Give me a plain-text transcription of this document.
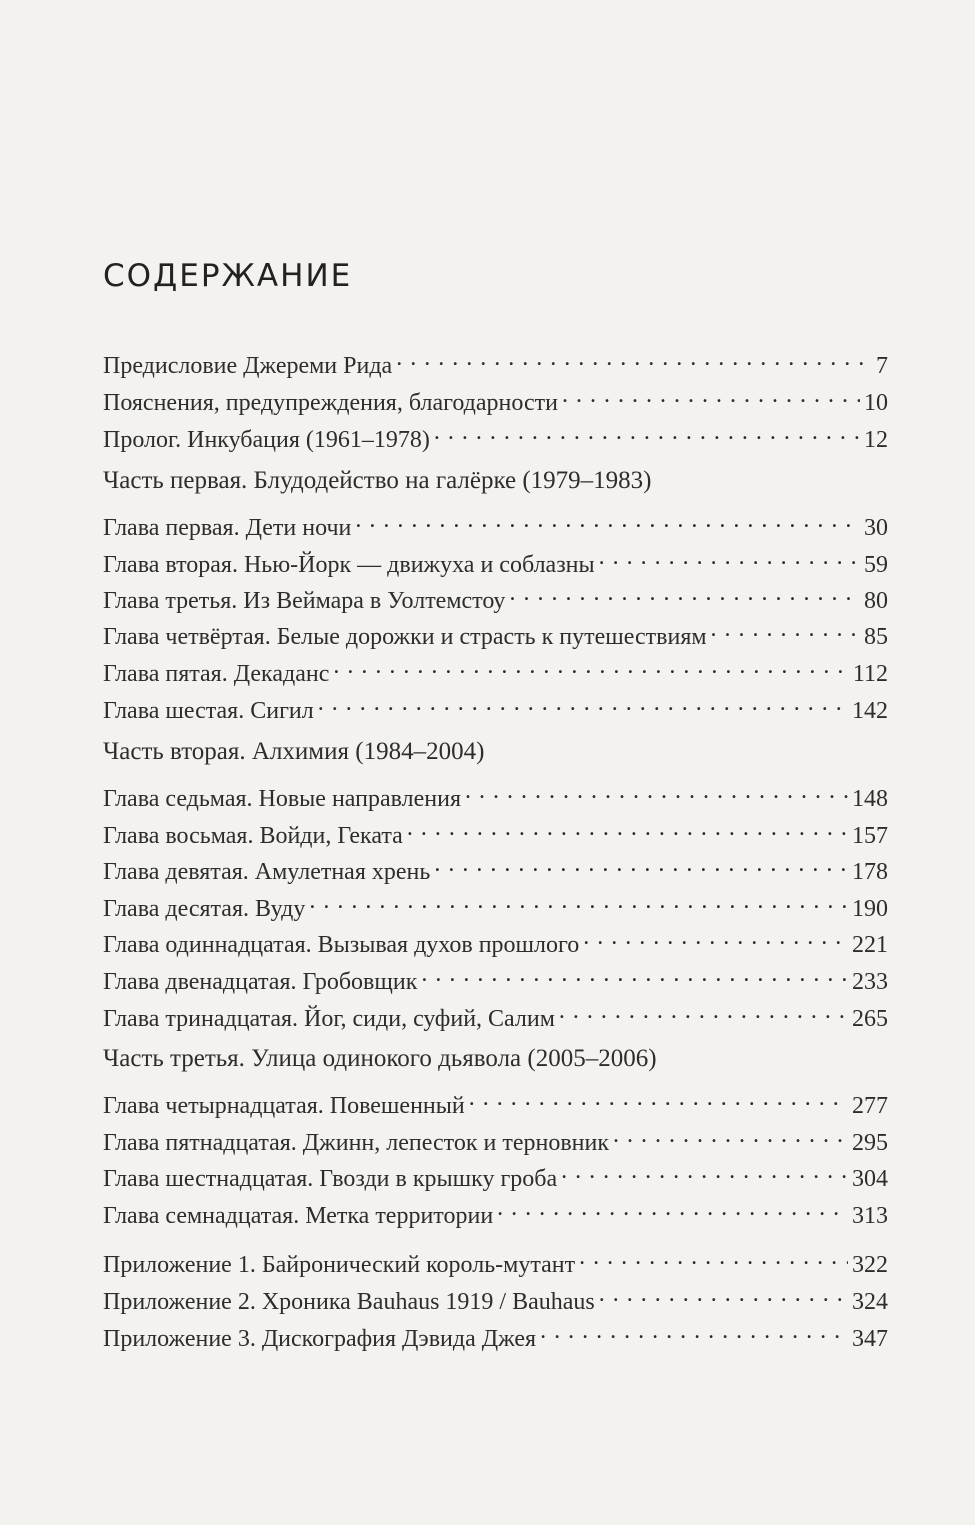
СОДЕРЖАНИЕ
Предисловие Джереми Рида . . .	7
Пояснения, предупреждения, благодарности . . .	10
Пролог. Инкубация (1961–1978) . . .	12
Часть первая. Блудодейство на галёрке (1979–1983)
Глава первая. Дети ночи . . .	30
Глава вторая. Нью-Йорк — движуха и соблазны . . .	59
Глава третья. Из Веймара в Уолтемстоу . . .	80
Глава четвёртая. Белые дорожки и страсть к путешествиям . . .	85
Глава пятая. Декаданс . . .	112
Глава шестая. Сигил . . .	142
Часть вторая. Алхимия (1984–2004)
Глава седьмая. Новые направления . . .	148
Глава восьмая. Войди, Геката . . .	157
Глава девятая. Амулетная хрень . . .	178
Глава десятая. Вуду . . .	190
Глава одиннадцатая. Вызывая духов прошлого . . .	221
Глава двенадцатая. Гробовщик . . .	233
Глава тринадцатая. Йог, сиди, суфий, Салим . . .	265
Часть третья. Улица одинокого дьявола (2005–2006)
Глава четырнадцатая. Повешенный . . .	277
Глава пятнадцатая. Джинн, лепесток и терновник . . .	295
Глава шестнадцатая. Гвозди в крышку гроба . . .	304
Глава семнадцатая. Метка территории . . .	313
Приложение 1. Байронический король-мутант . . .	322
Приложение 2. Хроника Bauhaus 1919 / Bauhaus . . .	324
Приложение 3. Дискография Дэвида Джея . . .	347
